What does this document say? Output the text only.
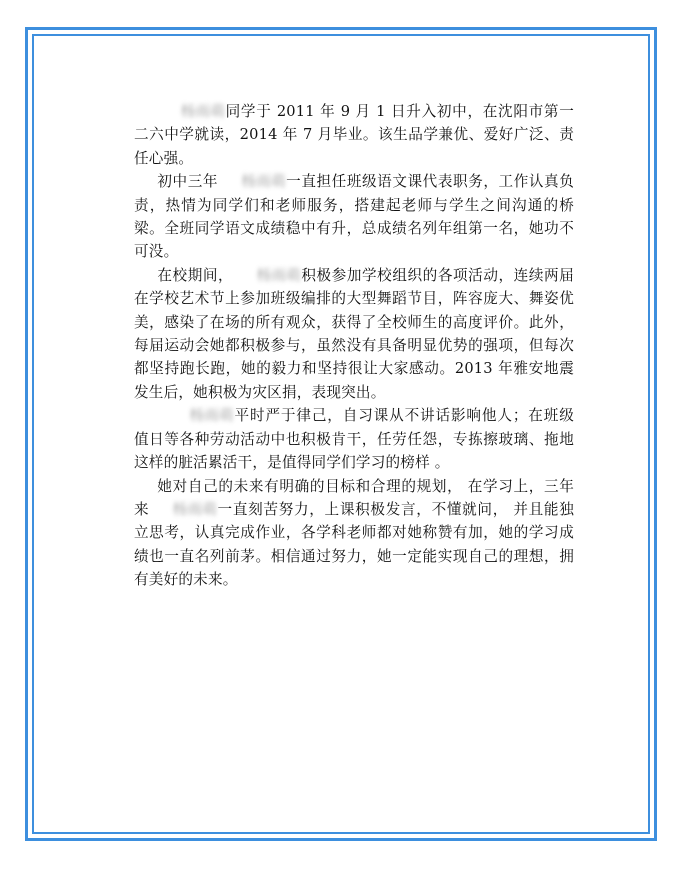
杨雨萌同学于 2011 年 9 月 1 日升入初中，在沈阳市第一二六中学就读，2014 年 7 月毕业。该生品学兼优、爱好广泛、责任心强。

初中三年 杨雨萌一直担任班级语文课代表职务，工作认真负责，热情为同学们和老师服务，搭建起老师与学生之间沟通的桥梁。全班同学语文成绩稳中有升，总成绩名列年组第一名，她功不可没。

在校期间， 杨雨萌积极参加学校组织的各项活动，连续两届在学校艺术节上参加班级编排的大型舞蹈节目，阵容庞大、舞姿优美，感染了在场的所有观众，获得了全校师生的高度评价。此外，每届运动会她都积极参与，虽然没有具备明显优势的强项，但每次都坚持跑长跑，她的毅力和坚持很让大家感动。2013 年雅安地震发生后，她积极为灾区捐，表现突出。

杨雨萌平时严于律己，自习课从不讲话影响他人；在班级值日等各种劳动活动中也积极肯干，任劳任怨，专拣擦玻璃、拖地这样的脏活累活干，是值得同学们学习的榜样 。

她对自己的未来有明确的目标和合理的规划， 在学习上，三年来 杨雨萌一直刻苦努力，上课积极发言，不懂就问， 并且能独立思考，认真完成作业，各学科老师都对她称赞有加，她的学习成绩也一直名列前茅。相信通过努力，她一定能实现自己的理想，拥有美好的未来。
